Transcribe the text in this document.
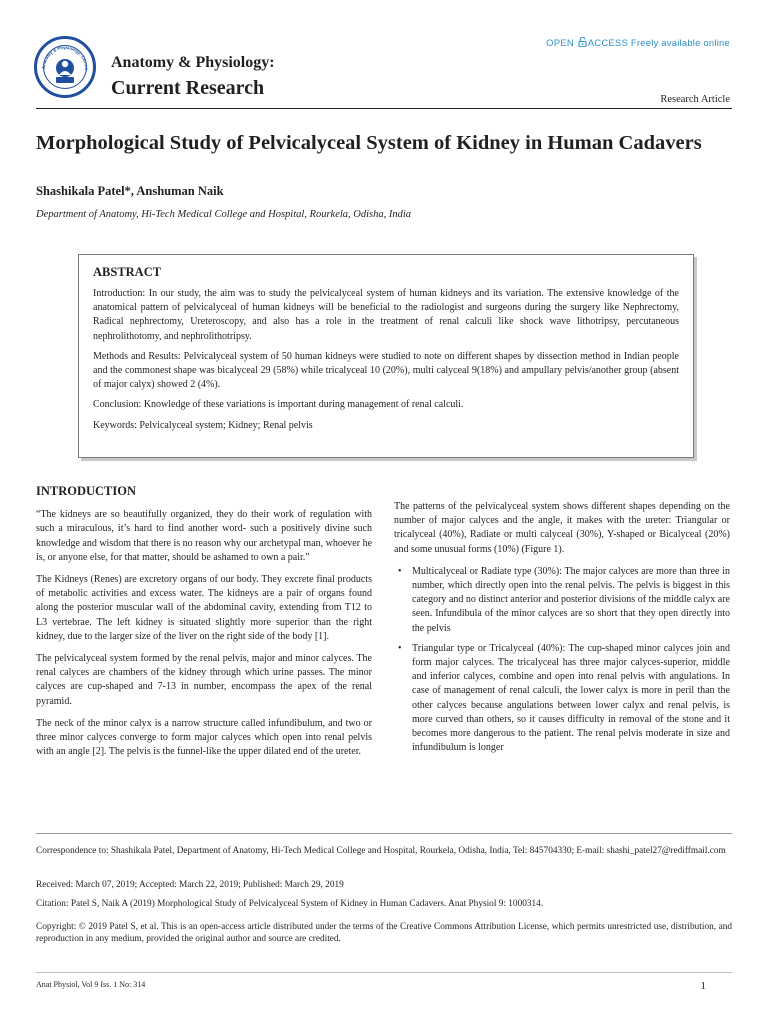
Anatomy & Physiology: Curren Anatomy & Physiology:
Current Research
OPEN ACCESS Freely available online
Research Article
Morphological Study of Pelvicalyceal System of Kidney in Human Cadavers
Shashikala Patel*, Anshuman Naik
Department of Anatomy, Hi-Tech Medical College and Hospital, Rourkela, Odisha, India
ABSTRACT

Introduction: In our study, the aim was to study the pelvicalyceal system of human kidneys and its variation. The extensive knowledge of the anatomical pattern of pelvicalyceal of human kidneys will be beneficial to the radiologist and surgeons during the surgery like Nephrectomy, Radical nephrectomy, Ureteroscopy, and also has a role in the treatment of renal calculi like shock wave lithotripsy, percutaneous nephrolithotomy, and nephrolithotripsy.

Methods and Results: Pelvicalyceal system of 50 human kidneys were studied to note on different shapes by dissection method in Indian people and the commonest shape was bicalyceal 29 (58%) while tricalyceal 10 (20%), multi calyceal 9(18%) and ampullary pelvis/another group (absent of major calyx) showed 2 (4%).

Conclusion: Knowledge of these variations is important during management of renal calculi.

Keywords: Pelvicalyceal system; Kidney; Renal pelvis

INTRODUCTION

“The kidneys are so beautifully organized, they do their work of regulation with such a miraculous, it’s hard to find another word- such a positively divine such knowledge and wisdom that there is no reason why our archetypal man, whoever he is, or anyone else, for that matter, should be ashamed to own a pair.”

The Kidneys (Renes) are excretory organs of our body. They excrete final products of metabolic activities and excess water. The kidneys are a pair of organs found along the posterior muscular wall of the abdominal cavity, extending from T12 to L3 vertebrae. The left kidney is situated slightly more superior than the right kidney, due to the larger size of the liver on the right side of the body [1].

The pelvicalyceal system formed by the renal pelvis, major and minor calyces. The renal calyces are chambers of the kidney through which urine passes. The minor calyces are cup-shaped and 7-13 in number, encompass the apex of the renal pyramid.

The neck of the minor calyx is a narrow structure called infundibulum, and two or three minor calyces converge to form major calyces which open into renal pelvis with an angle [2]. The pelvis is the funnel-like the upper dilated end of the ureter.

The patterns of the pelvicalyceal system shows different shapes depending on the number of major calyces and the angle, it makes with the ureter: Triangular or tricalyceal (40%), Radiate or multi calyceal (30%), Y-shaped or Bicalyceal (20%) and some unusual forms (10%) (Figure 1).

• Multicalyceal or Radiate type (30%): The major calyces are more than three in number, which directly open into the renal pelvis. The pelvis is biggest in this category and no distinct anterior and posterior divisions of the middle calyx are seen. Infundibula of the minor calyces are so short that they open directly into the pelvis
• Triangular type or Tricalyceal (40%): The cup-shaped minor calyces join and form major calyces. The tricalyceal has three major calyces-superior, middle and inferior calyces, combine and open into renal pelvis with angulations. In case of management of renal calculi, the lower calyx is more in peril than the other calyces because angulations between lower calyx and renal pelvis, is more curved than others, so it causes difficulty in removal of the stone and it becomes more dangerous to the patient. The renal pelvis moderate in size and infundibulum is longer
Correspondence to: Shashikala Patel, Department of Anatomy, Hi-Tech Medical College and Hospital, Rourkela, Odisha, India, Tel: 845704330; E-mail: shashi_patel27@rediffmail.com
Received: March 07, 2019; Accepted: March 22, 2019; Published: March 29, 2019
Citation: Patel S, Naik A (2019) Morphological Study of Pelvicalyceal System of Kidney in Human Cadavers. Anat Physiol 9: 1000314.
Copyright: © 2019 Patel S, et al. This is an open-access article distributed under the terms of the Creative Commons Attribution License, which permits unrestricted use, distribution, and reproduction in any medium, provided the original author and source are credited.
Anat Physiol, Vol 9 Iss. 1 No: 314	1
